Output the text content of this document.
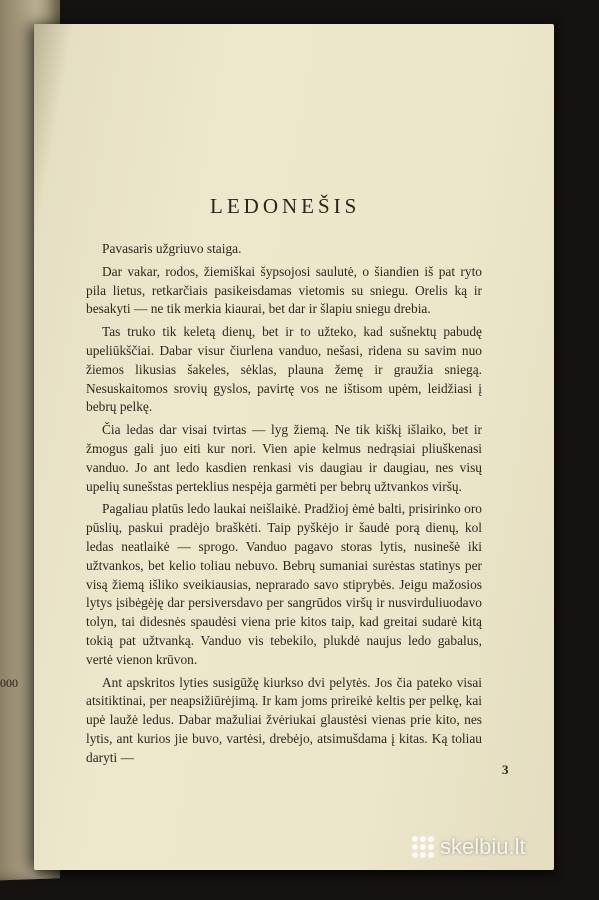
000
LEDONEŠIS

Pavasaris užgriuvo staiga.

Dar vakar, rodos, žiemiškai šypsojosi saulutė, o šiandien iš pat ryto pila lietus, retkarčiais pasikeisdamas vietomis su sniegu. Orelis ką ir besakyti — ne tik merkia kiaurai, bet dar ir šlapiu sniegu drebia.

Tas truko tik keletą dienų, bet ir to užteko, kad sušnektų pabudę upeliūkščiai. Dabar visur čiurlena vanduo, nešasi, ridena su savim nuo žiemos likusias šakeles, sėklas, plauna žemę ir graužia sniegą. Nesuskaitomos srovių gyslos, pavirtę vos ne ištisom upėm, leidžiasi į bebrų pelkę.

Čia ledas dar visai tvirtas — lyg žiemą. Ne tik kiškį išlaiko, bet ir žmogus gali juo eiti kur nori. Vien apie kelmus nedrąsiai pliuškenasi vanduo. Jo ant ledo kasdien renkasi vis daugiau ir daugiau, nes visų upelių sunešstas perteklius nespėja garmėti per bebrų užtvankos viršų.

Pagaliau platūs ledo laukai neišlaikė. Pradžioj ėmė balti, prisirinko oro pūslių, paskui pradėjo braškėti. Taip pyškėjo ir šaudė porą dienų, kol ledas neatlaikė — sprogo. Vanduo pagavo storas lytis, nusinešė iki užtvankos, bet kelio toliau nebuvo. Bebrų sumaniai surėstas statinys per visą žiemą išliko sveikiausias, neprarado savo stiprybės. Jeigu mažosios lytys įsibėgėję dar persiversdavo per sangrūdos viršų ir nusvirduliuodavo tolyn, tai didesnės spaudėsi viena prie kitos taip, kad greitai sudarė kitą tokią pat užtvanką. Vanduo vis tebekilo, plukdė naujus ledo gabalus, vertė vienon krūvon.

Ant apskritos lyties susigūžę kiurkso dvi pelytės. Jos čia pateko visai atsitiktinai, per neapsižiūrėjimą. Ir kam joms prireikė keltis per pelkę, kai upė laužė ledus. Dabar mažuliai žvėriukai glaustėsi vienas prie kito, nes lytis, ant kurios jie buvo, vartėsi, drebėjo, atsimušdama į kitas. Ką toliau daryti —

3
skelbiu.lt
